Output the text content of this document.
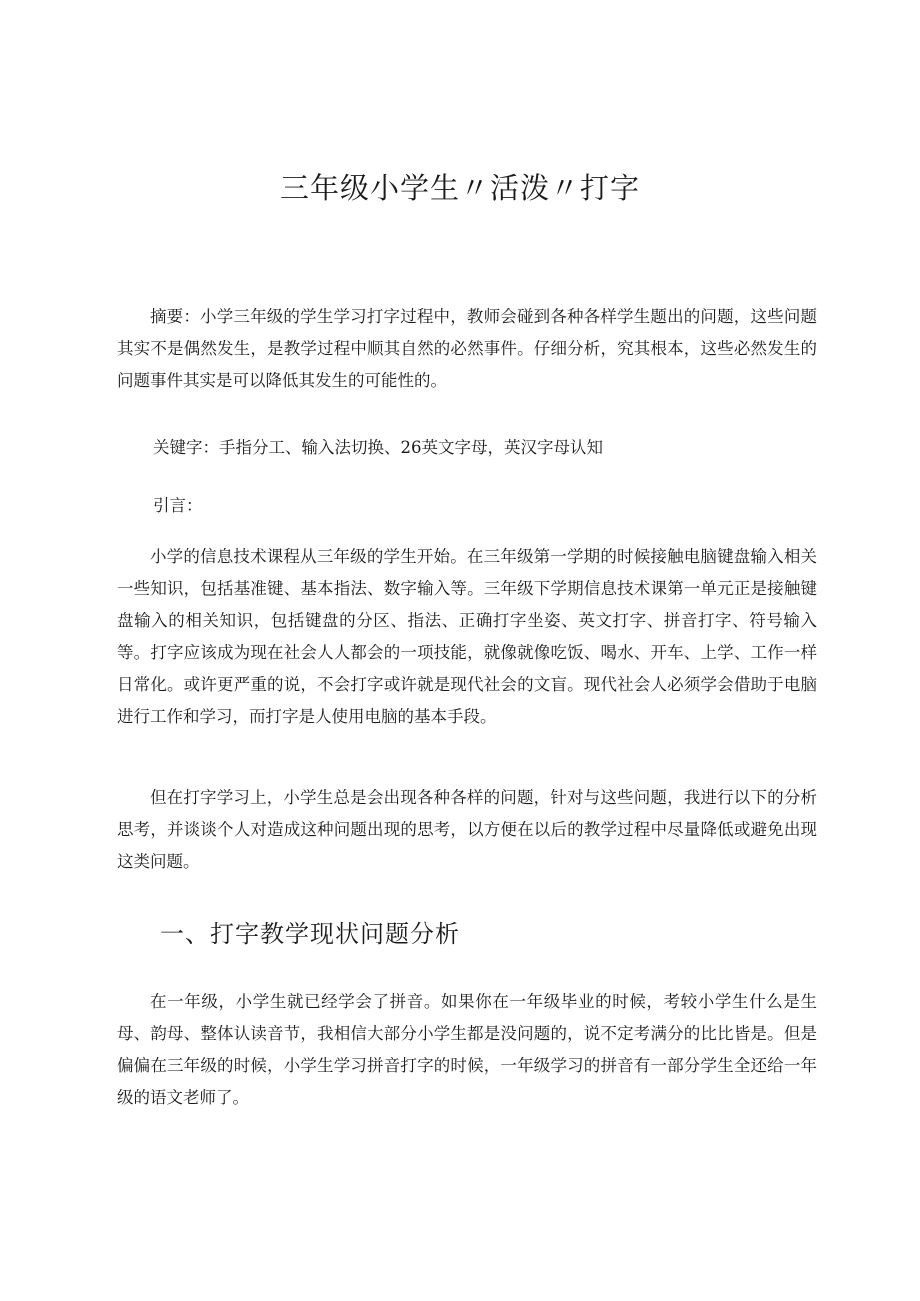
三年级小学生〃活泼〃打字

摘要：小学三年级的学生学习打字过程中，教师会碰到各种各样学生题出的问题，这些问题其实不是偶然发生，是教学过程中顺其自然的必然事件。仔细分析，究其根本，这些必然发生的问题事件其实是可以降低其发生的可能性的。

关键字：手指分工、输入法切换、26英文字母，英汉字母认知

引言：

小学的信息技术课程从三年级的学生开始。在三年级第一学期的时候接触电脑键盘输入相关一些知识，包括基准键、基本指法、数字输入等。三年级下学期信息技术课第一单元正是接触键盘输入的相关知识，包括键盘的分区、指法、正确打字坐姿、英文打字、拼音打字、符号输入等。打字应该成为现在社会人人都会的一项技能，就像就像吃饭、喝水、开车、上学、工作一样日常化。或许更严重的说，不会打字或许就是现代社会的文盲。现代社会人必须学会借助于电脑进行工作和学习，而打字是人使用电脑的基本手段。

但在打字学习上，小学生总是会出现各种各样的问题，针对与这些问题，我进行以下的分析思考，并谈谈个人对造成这种问题出现的思考，以方便在以后的教学过程中尽量降低或避免出现这类问题。

一、打字教学现状问题分析

在一年级，小学生就已经学会了拼音。如果你在一年级毕业的时候，考较小学生什么是生母、韵母、整体认读音节，我相信大部分小学生都是没问题的，说不定考满分的比比皆是。但是偏偏在三年级的时候，小学生学习拼音打字的时候，一年级学习的拼音有一部分学生全还给一年级的语文老师了。
